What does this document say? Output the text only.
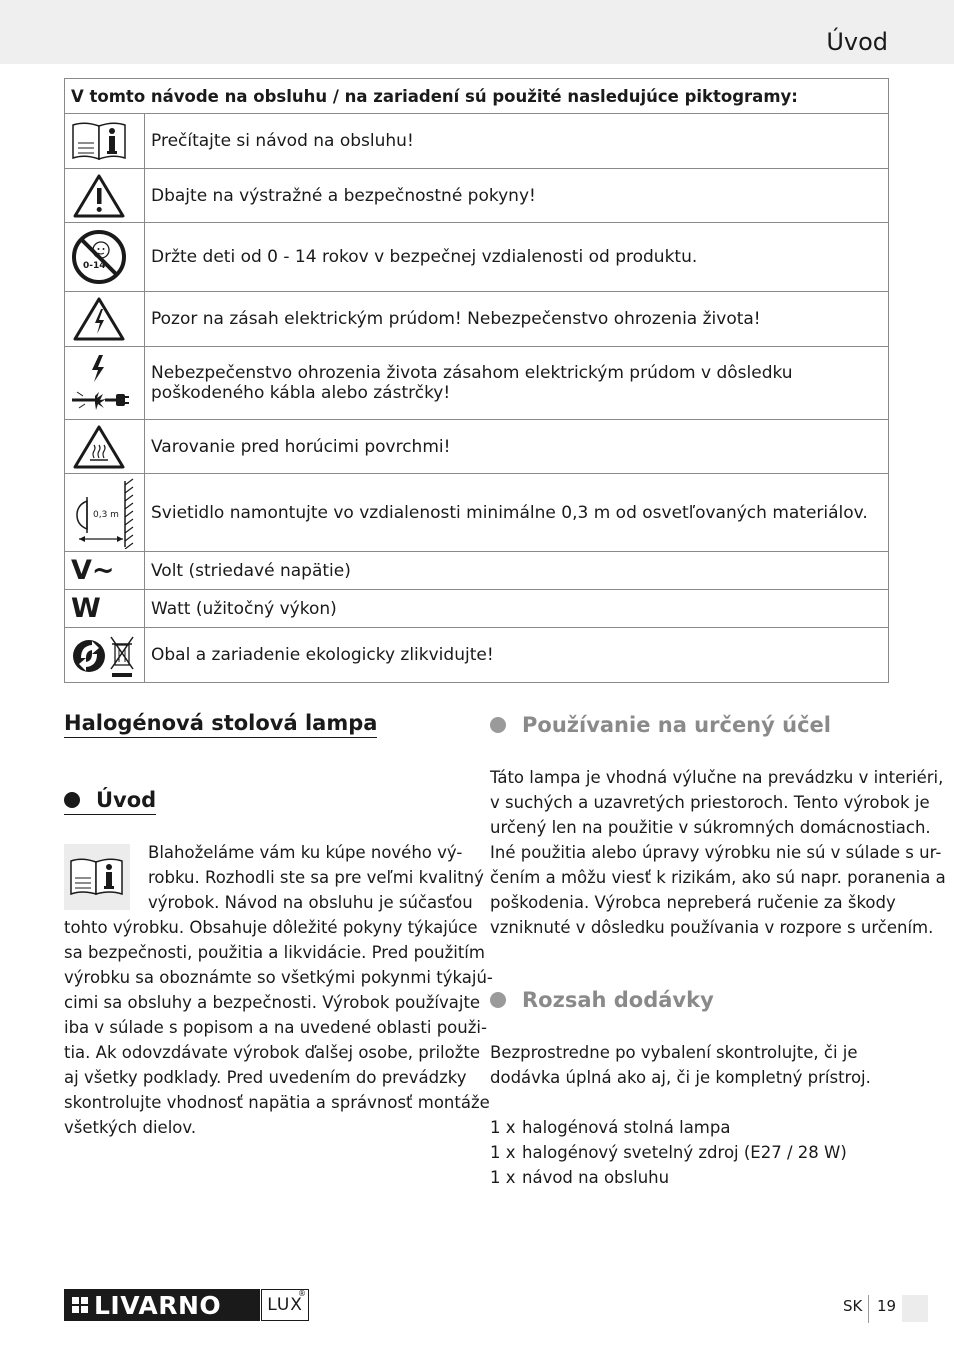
Úvod
V tomto návode na obsluhu / na zariadení sú použité nasledujúce piktogramy:	

	Prečítajte si návod na obsluhu!

	Dbajte na výstražné a bezpečnostné pokyny!

0-14	Držte deti od 0 - 14 rokov v bezpečnej vzdialenosti od produktu.

	Pozor na zásah elektrickým prúdom! Nebezpečenstvo ohrozenia života!

	Nebezpečenstvo ohrozenia života zásahom elektrickým prúdom v dôsledku poškodeného kábla alebo zástrčky!

	Varovanie pred horúcimi povrchmi!

0,3 m	Svietidlo namontujte vo vzdialenosti minimálne 0,3 m od osvetľovaných materiálov.
V~	Volt (striedavé napätie)
W	Watt (užitočný výkon)

	Obal a zariadenie ekologicky zlikvidujte!
Halogénová stolová lampa
Úvod
Blahoželáme vám ku kúpe nového vý-
robku. Rozhodli ste sa pre veľmi kvalitný
výrobok. Návod na obsluhu je súčasťou
tohto výrobku. Obsahuje dôležité pokyny týkajúce
sa bezpečnosti, použitia a likvidácie. Pred použitím
výrobku sa oboznámte so všetkými pokynmi týkajú-
cimi sa obsluhy a bezpečnosti. Výrobok používajte
iba v súlade s popisom a na uvedené oblasti použi-
tia. Ak odovzdávate výrobok ďalšej osobe, priložte
aj všetky podklady. Pred uvedením do prevádzky
skontrolujte vhodnosť napätia a správnosť montáže
všetkých dielov.
Používanie na určený účel
Táto lampa je vhodná výlučne na prevádzku v interiéri,
v suchých a uzavretých priestoroch. Tento výrobok je
určený len na použitie v súkromných domácnostiach.
Iné použitia alebo úpravy výrobku nie sú v súlade s ur-
čením a môžu viesť k rizikám, ako sú napr. poranenia a
poškodenia. Výrobca nepreberá ručenie za škody
vzniknuté v dôsledku používania v rozpore s určením.
Rozsah dodávky
Bezprostredne po vybalení skontrolujte, či je
dodávka úplná ako aj, či je kompletný prístroj.
1 x halogénová stolná lampa
1 x halogénový svetelný zdroj (E27 / 28 W)
1 x návod na obsluhu
LIVARNO	LUX
®
SK 19
